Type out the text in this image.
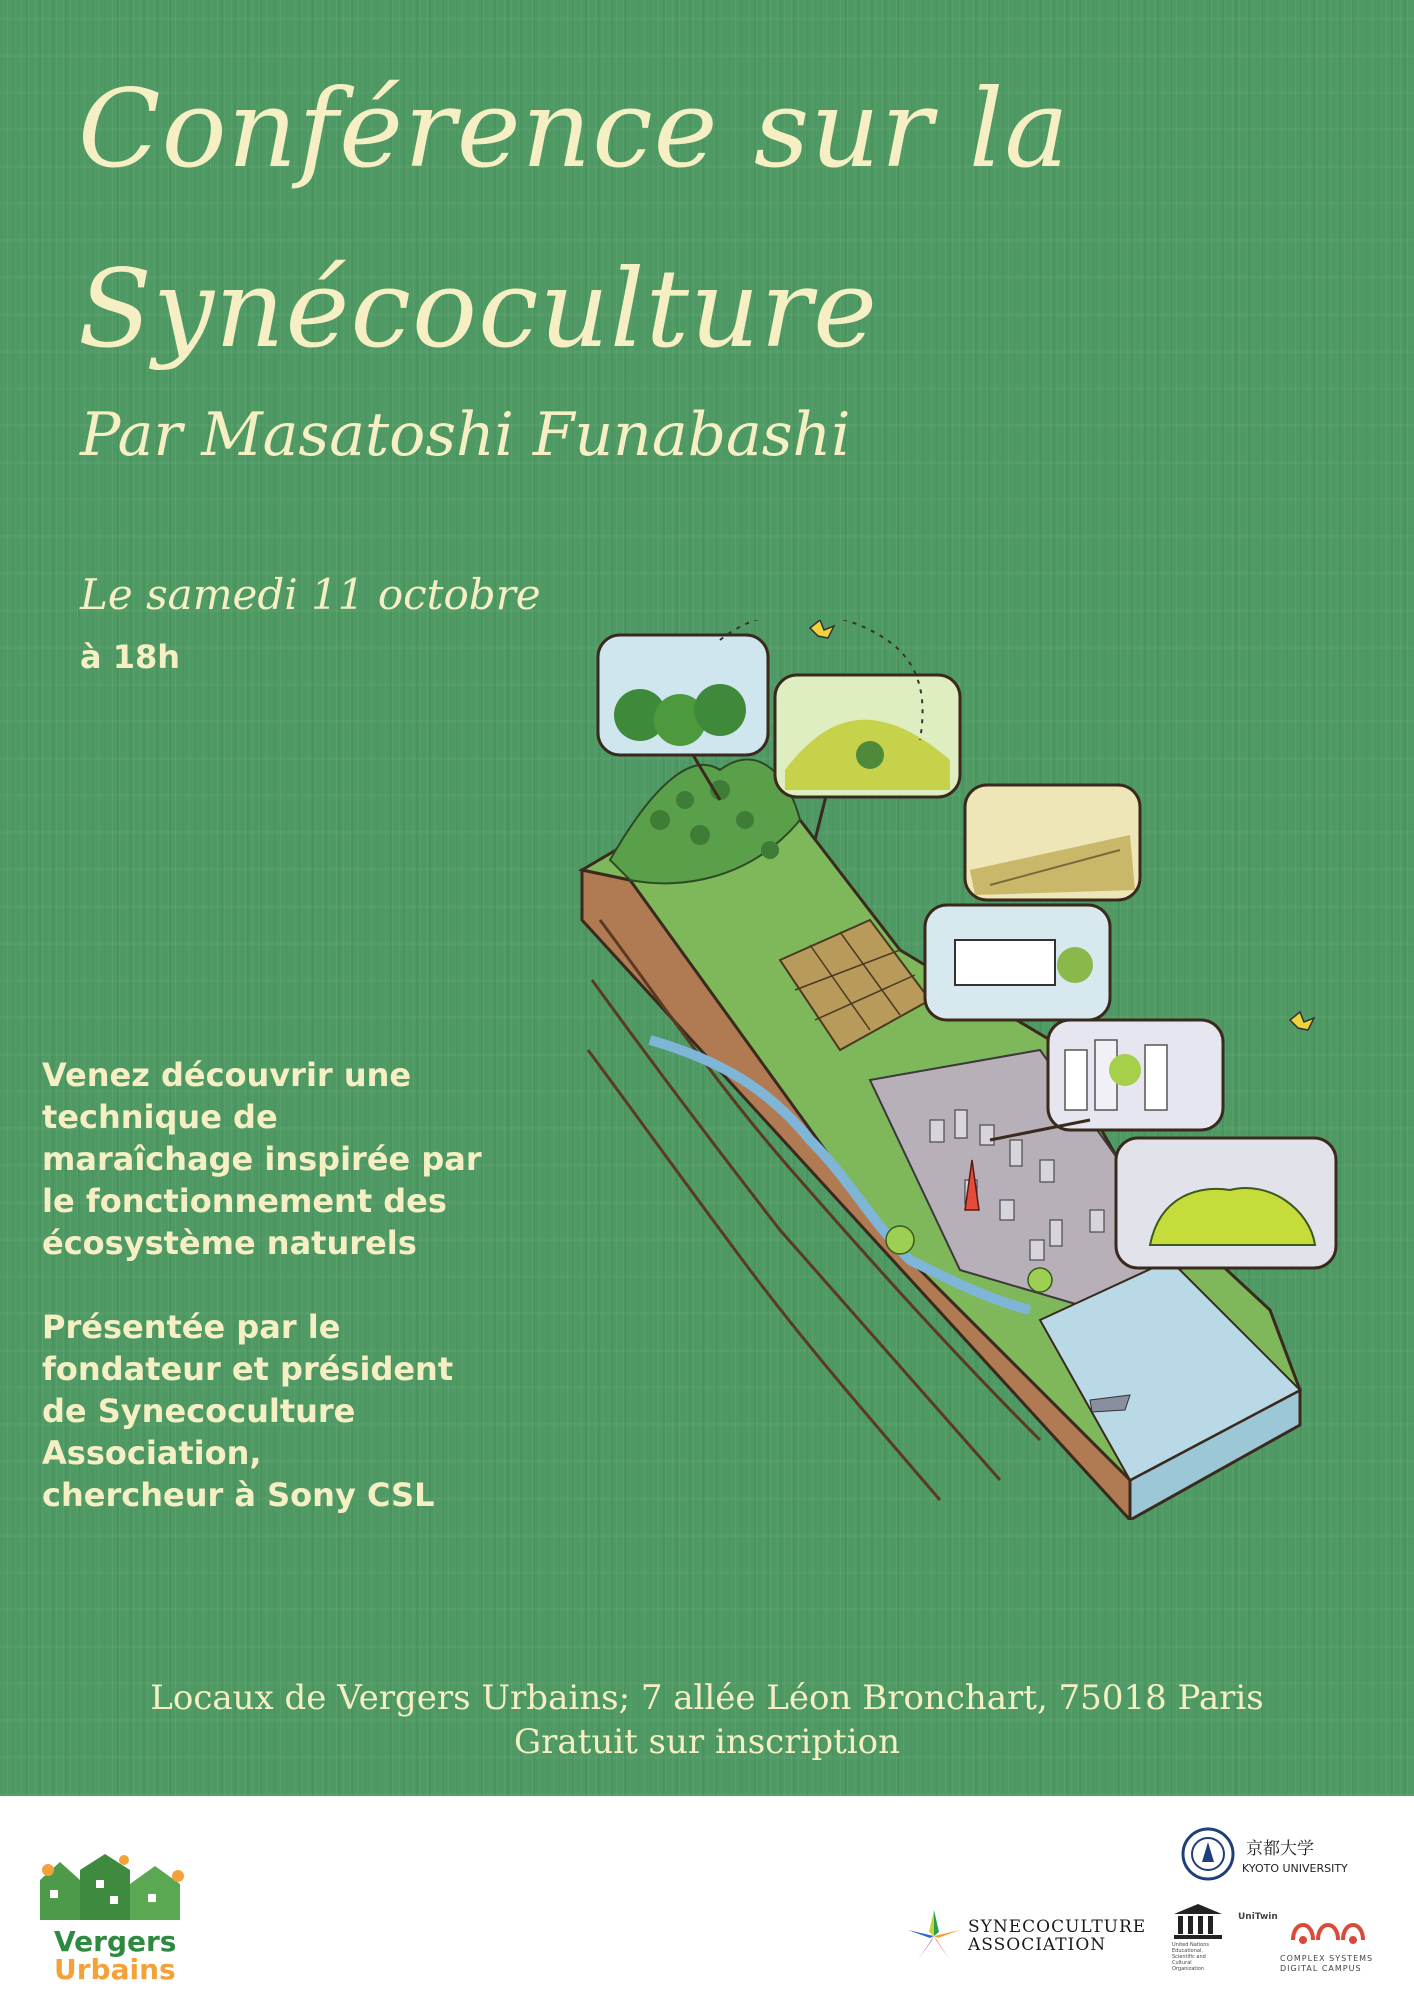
Conférence sur la
Synécoculture
Par Masatoshi Funabashi
Le samedi 11 octobre
à 18h
Venez découvrir une
technique de
maraîchage inspirée par
le fonctionnement des
écosystème naturels
Présentée par le
fondateur et président
de Synecoculture
Association,
chercheur à Sony CSL
Locaux de Vergers Urbains; 7 allée Léon Bronchart, 75018 Paris
Gratuit sur inscription
Vergers
Urbains
SYNECOCULTURE
ASSOCIATION
京都大学
KYOTO UNIVERSITY
United Nations Educational, Scientific and Cultural Organization
UniTwin
COMPLEX SYSTEMS
DIGITAL CAMPUS
